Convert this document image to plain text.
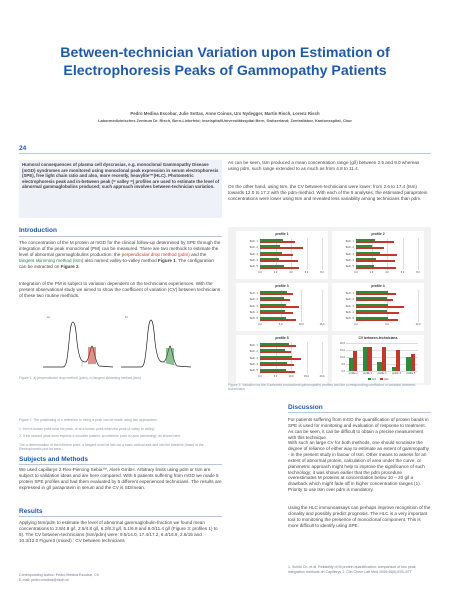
Between-technician Variation upon Estimation of Electrophoresis Peaks of Gammopathy Patients
Pedro Medina Escobar, Julie Sottas, Anne Coinus, Urs Nydegger, Martin Risch, Lorenz Risch
Labormedizinisches Zentrum Dr. Risch, Bern-Liebefeld; Inselspital/Universitätsspital Bern, Switzerland; Zentrallabor, Kantonsspital, Chur
24
Humoral consequences of plasma cell dyscrasias, e.g. monoclonal Gammopathy Disease (mGD) syndromes are monitored using monoclonal peak expression in serum electrophoresis (SPE), free light chain ratio and also, more recently, heavylite™(HLC). Photometric electrophoresis peak and in-between peak (= valley =) profiles are used to estimate the level of abnormal gammaglobulins produced; such approach involves between-technician variation.
Introduction
The concentration of the M protein at mGD for the clinical follow-up determined by SPE through the integration of the peak monoclonal (PM) can be measured. There are two methods to estimate the level of abnormal gammaglobulins production: the perpendicular drop method (pdm) and the tangent skimming method (tsm) also named valley-to-valley method Figure 1. The configuration can be extracted on Figure 2.
Integration of the PM is subject to variation dependent on the technicians experiences. With the present observational study we aimed to show the coefficient of variation (CV) between technicians of these two routine methods.
a)	b)
Figure 1. a) perpendicular drop method (pdm); b) tangent skimming method (tsm)
Figure 2. The positioning of a reference to being a peak can be made using two approaches:
1. from a known point to/at the peak, or at a known point when the peak (a valley to valley)
2. If the second peak does express a shoulder pattern, an inflexion point is used (skimming), as shown here.
The a determination of the inflexion point, a tangent must be laid out a basic vertical axis and into the baseline (base) of the Electrophoretic plot for area.
Subjects and Methods
We used capillarys 2 Flex-Piercing Sebia™, Alerè GmbH. Arbitrary limits using pdm or tsm are subject to validation ideas and are here compared. With 5 patients suffering from mGD we made 5 protein SPE profiles and had them evaluated by 5 different experienced technicians. The results are expressed in g/l paraprotein in serum and the CV is SD/mean.
Results
Applying tsm/pdm to estimate the level of abnormal gammaglobulin-fraction we found mean concentrations to 2.8/4.8 g/l, 2.5/4.8 g/l, 6.2/8.3 g/l, 5.1/6.8 and 9.0/11.4 g/l (Figure 3: profiles 1) to 5). The CV between-technicians (tsm/pdm) were: 9.5/14.0, 17.4/17.2, 6.4/16.9, 2.6/15 and 10.3/12.0 Figure3 (mixed) : CV between technicians
Corresponding author: Pedro Medina Escobar, Ch
E-mail: pedro.medina@risch.ch
As can be seen, tsm produced a mean concentration range (g/l) between 2.5 and 9.0 whereas using pdm, such range extended to as much as from 4.8 to 11.4.
On the other hand, using tsm, the CV between-technicians were lower: from 2.6 to 17.4 (tsm) towards 12.0 to 17.2 with the pdm-method. With each of the 5 analyses, the estimated paraprotein concentrations were lower using tsm and revealed less variability among technicians than pdm.
profile 1
0,0	2,0	4,0	6,0	8,0
Tech. 1
Tech. 2
Tech. 3
Tech. 4
Tech. 5
profile 2
0,0	2,0	4,0	6,0	8,0
Tech. 1
Tech. 2
Tech. 3
Tech. 4
Tech. 5
profile 3
0,0	5,0	10,0	15,0
Tech. 1
Tech. 2
Tech. 3
Tech. 4
Tech. 5
profile 4
0,0	5,0	10,0
Tech. 1
Tech. 2
Tech. 3
Tech. 4
Tech. 5
profile 5
0,0	5,0	10,0	15,0	20,0
Tech. 1
Tech. 2
Tech. 3
Tech. 4
Tech. 5
CV between-technicians
0,0
5,0
10,0
15,0
20,0
profile 1	profile 2	profile 3	profile 4	profile 5
tsm	pdm
Figure 3. Variation on the 5 selected monoclonal gammopathy profiles and the corresponding coefficient of variation between-technicians
Discussion
For patients suffering from mGD the quantification of protein bands in SPE is used for monitoring and evaluation of response to treatment. As can be seen, it can be difficult to obtain a precise measurement with this technique.
With such an large CV for both methods, one should scrutinize the degree of reliance of either way to estimate an extent of gammopathy - in the present study in favour of tsm. Other means to assess for an extent of abnormal protein, calculation of area under the curve, or planimetric approach might help to improve the significance of such technology; it was shown earlier that the pdm procedure overestimates M proteins at concentration below 10 – 20 g/l a drawback which might fade off in higher concentration ranges (1). Priority to use tsm over pdm is mandatory.
Using the HLC immunoassays can perhaps improve recognition of the clonality and possibly predict prognosis. The HLC is a very important tool to monitoring the presence of monoclonal component. This is more difficult to identify using SPE.
1. Schild Ch. et al. Reliability of M protein quantification: comparison of two peak integration methods on Capillarys 2. Clin Chem Lab Med 2008;46(6):876–877
